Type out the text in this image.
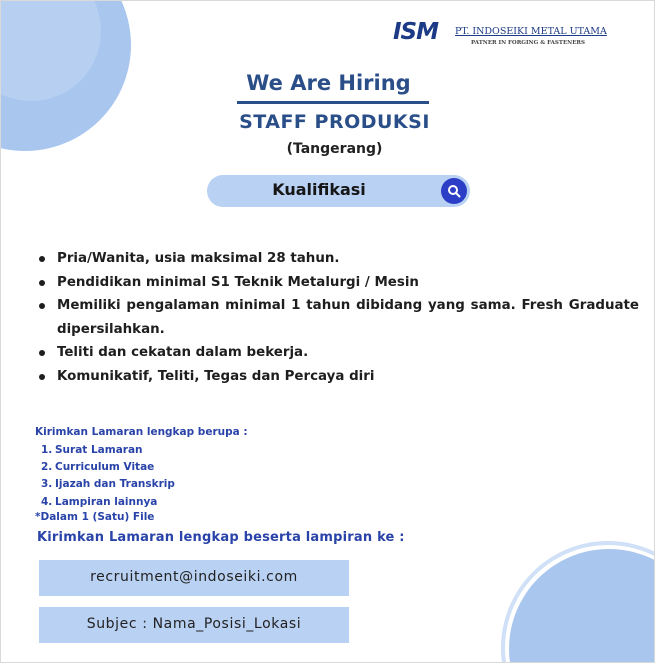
ISM PT. INDOSEIKI METAL UTAMA
PATNER IN FORGING & FASTENERS
We Are Hiring
STAFF PRODUKSI
(Tangerang)
Kualifikasi
Pria/Wanita, usia maksimal 28 tahun.
Pendidikan minimal S1 Teknik Metalurgi / Mesin
Memiliki pengalaman minimal 1 tahun dibidang yang sama. Fresh Graduate dipersilahkan.
Teliti dan cekatan dalam bekerja.
Komunikatif, Teliti, Tegas dan Percaya diri
Kirimkan Lamaran lengkap berupa :
1. Surat Lamaran
2. Curriculum Vitae
3. Ijazah dan Transkrip
4. Lampiran lainnya
*Dalam 1 (Satu) File
Kirimkan Lamaran lengkap beserta lampiran ke :
recruitment@indoseiki.com
Subjec : Nama_Posisi_Lokasi
